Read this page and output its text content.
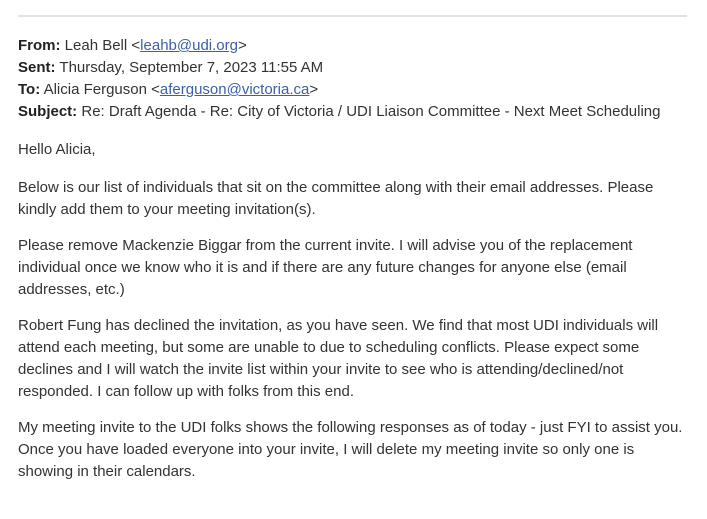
From: Leah Bell <leahb@udi.org>
Sent: Thursday, September 7, 2023 11:55 AM
To: Alicia Ferguson <aferguson@victoria.ca>
Subject: Re: Draft Agenda - Re: City of Victoria / UDI Liaison Committee - Next Meet Scheduling

Hello Alicia,

Below is our list of individuals that sit on the committee along with their email addresses. Please kindly add them to your meeting invitation(s).

Please remove Mackenzie Biggar from the current invite. I will advise you of the replacement individual once we know who it is and if there are any future changes for anyone else (email addresses, etc.)

Robert Fung has declined the invitation, as you have seen. We find that most UDI individuals will attend each meeting, but some are unable to due to scheduling conflicts. Please expect some declines and I will watch the invite list within your invite to see who is attending/declined/not responded. I can follow up with folks from this end.

My meeting invite to the UDI folks shows the following responses as of today - just FYI to assist you. Once you have loaded everyone into your invite, I will delete my meeting invite so only one is showing in their calendars.
